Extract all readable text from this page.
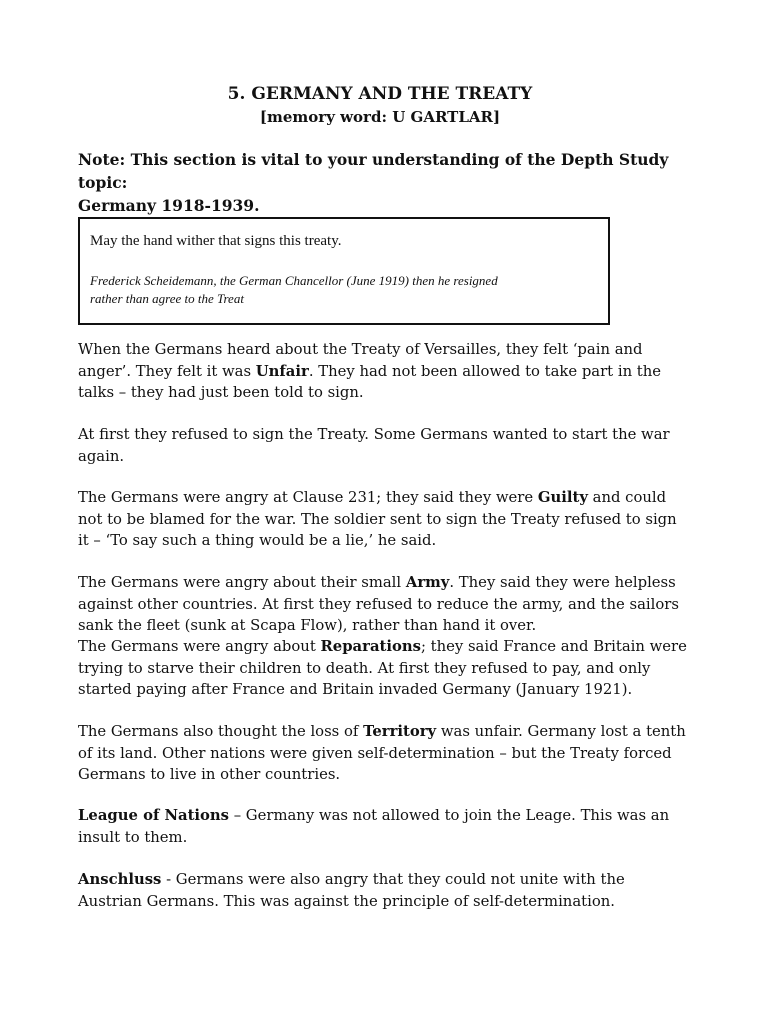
5. GERMANY AND THE TREATY
[memory word: U GARTLAR]
Note: This section is vital to your understanding of the Depth Study topic:
Germany 1918-1939.
May the hand wither that signs this treaty.
Frederick Scheidemann, the German Chancellor (June 1919) then he resigned
rather than agree to the Treat

When the Germans heard about the Treaty of Versailles, they felt ‘pain and anger’. They felt it was Unfair. They had not been allowed to take part in the talks – they had just been told to sign.

At first they refused to sign the Treaty. Some Germans wanted to start the war again.

The Germans were angry at Clause 231; they said they were Guilty and could not to be blamed for the war. The soldier sent to sign the Treaty refused to sign it – ‘To say such a thing would be a lie,’ he said.

The Germans were angry about their small Army. They said they were helpless against other countries. At first they refused to reduce the army, and the sailors sank the fleet (sunk at Scapa Flow), rather than hand it over.

The Germans were angry about Reparations; they said France and Britain were trying to starve their children to death. At first they refused to pay, and only started paying after France and Britain invaded Germany (January 1921).

The Germans also thought the loss of Territory was unfair. Germany lost a tenth of its land. Other nations were given self-determination – but the Treaty forced Germans to live in other countries.

League of Nations – Germany was not allowed to join the Leage. This was an insult to them.

Anschluss - Germans were also angry that they could not unite with the Austrian Germans. This was against the principle of self-determination.
